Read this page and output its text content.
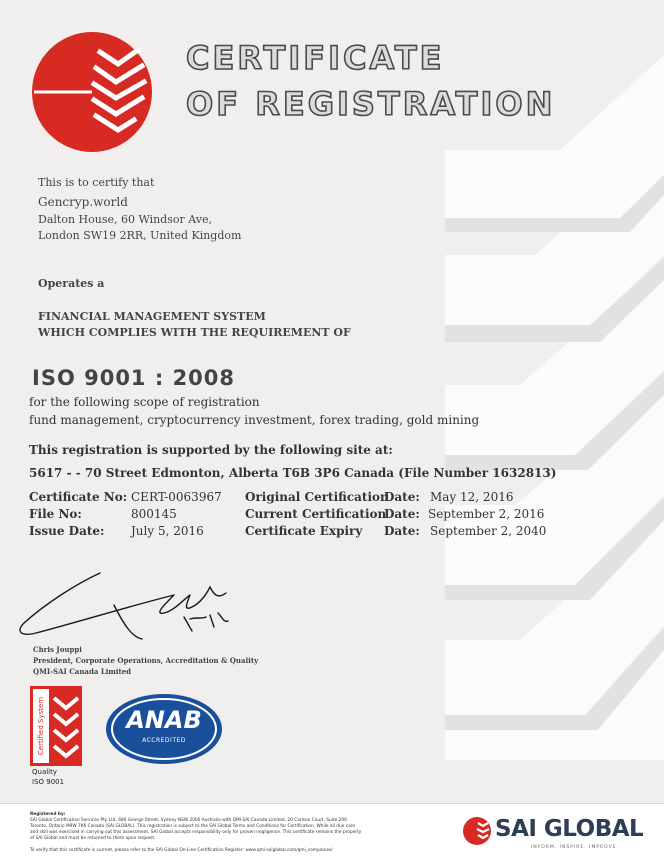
CERTIFICATE
OF REGISTRATION
This is to certify that
Gencryp.world
Dalton House, 60 Windsor Ave,
London SW19 2RR, United Kingdom
Operates a
FINANCIAL MANAGEMENT SYSTEM
WHICH COMPLIES WITH THE REQUIREMENT OF
ISO 9001 : 2008
for the following scope of registration
fund management, cryptocurrency investment, forex trading, gold mining
This registration is supported by the following site at:
5617 - - 70 Street Edmonton, Alberta T6B 3P6 Canada (File Number 1632813)
Certificate No: CERT-0063967
File No:	800145
Issue Date: July 5, 2016
Original Certification
Current Certification
Certificate Expiry
Date:
Date:
Date:
May 12, 2016
September 2, 2016
September 2, 2040
Chris Jouppi
President, Corporate Operations, Accreditation & Quality
QMI-SAI Canada Limited
Certified System
Quality
ISO 9001
ANAB
ACCREDITED
Registered by:
SAI Global Certification Services Pty Ltd, 680 George Street, Sydney NSW 2000 Australia with QMI-SAI Canada Limited, 20 Carlson Court, Suite 200
Toronto, Ontario M9W 7K6 Canada (SAI GLOBAL). This registration is subject to the SAI Global Terms and Conditions for Certification. While all due care
and skill was exercised in carrying out this assessment, SAI Global accepts responsibility only for proven negligence. This certificate remains the property
of SAI Global and must be returned to them upon request.
To verify that this certificate is current, please refer to the SAI Global On-Line Certification Register: www.qmi-saiglobal.com/qmi_companies/
SAI GLOBAL
INFORM. INSPIRE. IMPROVE.
